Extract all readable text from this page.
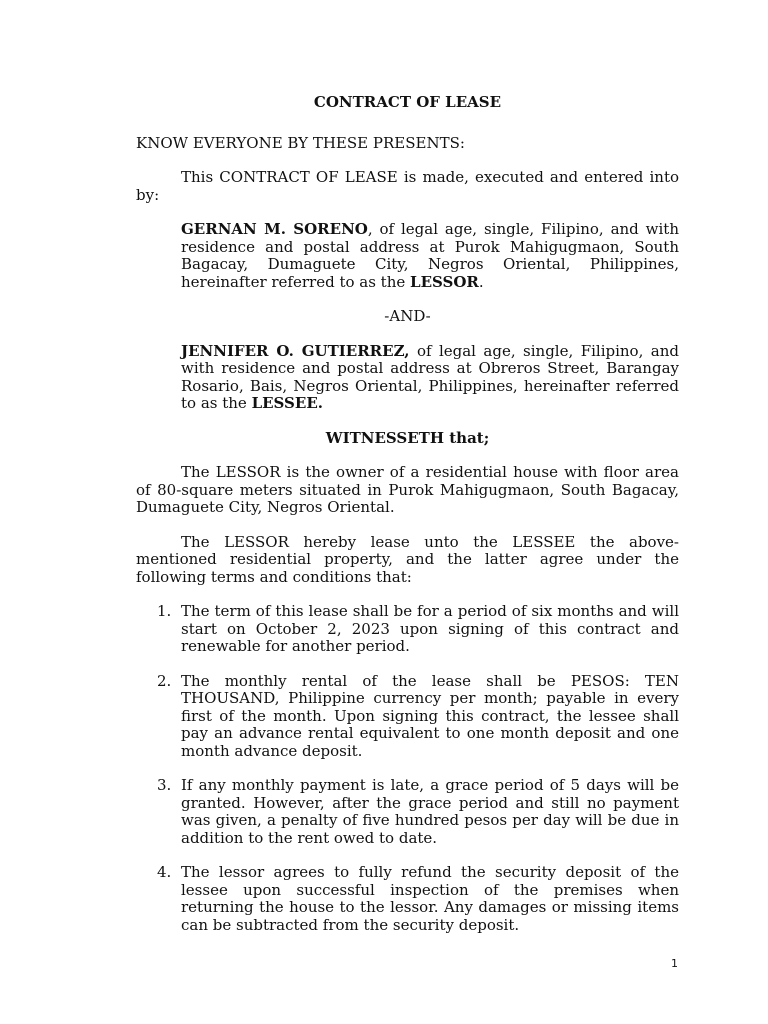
CONTRACT OF LEASE

KNOW EVERYONE BY THESE PRESENTS:

This CONTRACT OF LEASE is made, executed and entered into by:

GERNAN M. SORENO, of legal age, single, Filipino, and with residence and postal address at Purok Mahigugmaon, South Bagacay, Dumaguete City, Negros Oriental, Philippines, hereinafter referred to as the LESSOR.

-AND-

JENNIFER O. GUTIERREZ, of legal age, single, Filipino, and with residence and postal address at Obreros Street, Barangay Rosario, Bais, Negros Oriental, Philippines, hereinafter referred to as the LESSEE.

WITNESSETH that;

The LESSOR is the owner of a residential house with floor area of 80-square meters situated in Purok Mahigugmaon, South Bagacay, Dumaguete City, Negros Oriental.

The LESSOR hereby lease unto the LESSEE the above-mentioned residential property, and the latter agree under the following terms and conditions that:

1. The term of this lease shall be for a period of six months and will start on October 2, 2023 upon signing of this contract and renewable for another period.
2. The monthly rental of the lease shall be PESOS: TEN THOUSAND, Philippine currency per month; payable in every first of the month. Upon signing this contract, the lessee shall pay an advance rental equivalent to one month deposit and one month advance deposit.
3. If any monthly payment is late, a grace period of 5 days will be granted. However, after the grace period and still no payment was given, a penalty of five hundred pesos per day will be due in addition to the rent owed to date.
4. The lessor agrees to fully refund the security deposit of the lessee upon successful inspection of the premises when returning the house to the lessor. Any damages or missing items can be subtracted from the security deposit.
1
